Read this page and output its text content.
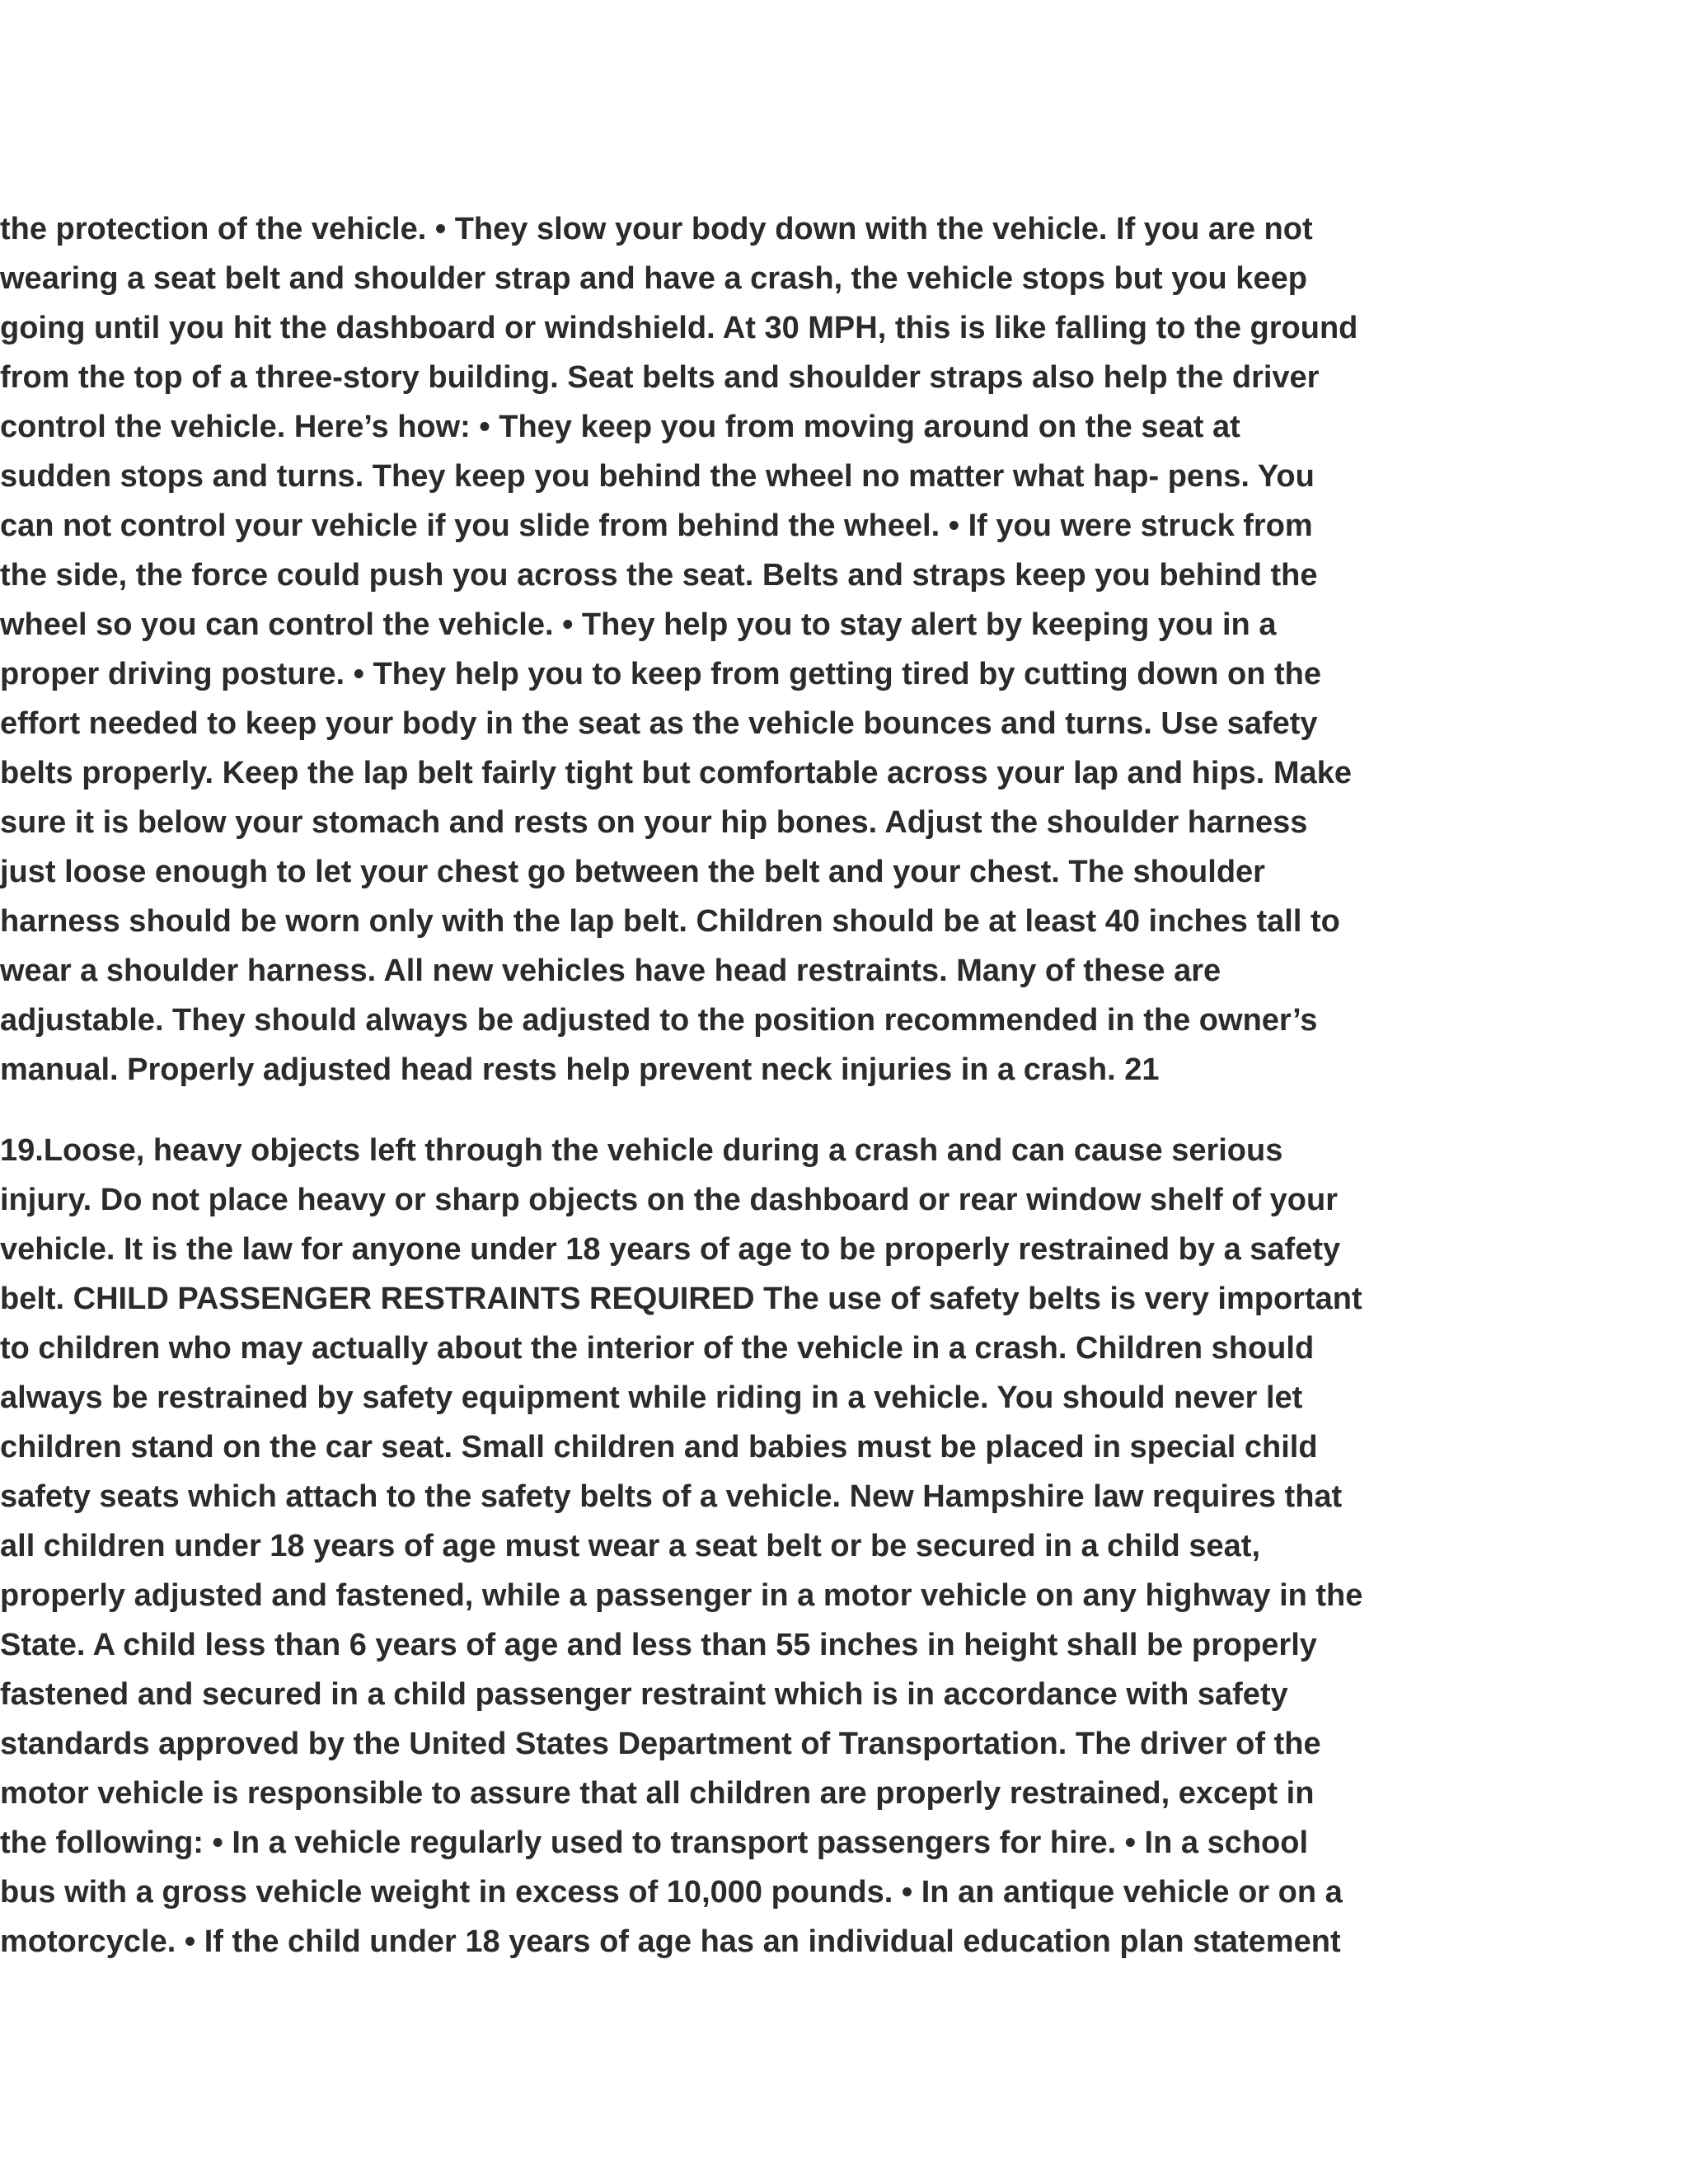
the protection of the vehicle. • They slow your body down with the vehicle. If you are not
wearing a seat belt and shoulder strap and have a crash, the vehicle stops but you keep
going until you hit the dashboard or windshield. At 30 MPH, this is like falling to the ground
from the top of a three-story building. Seat belts and shoulder straps also help the driver
control the vehicle. Here’s how: • They keep you from moving around on the seat at
sudden stops and turns. They keep you behind the wheel no matter what hap- pens. You
can not control your vehicle if you slide from behind the wheel. • If you were struck from
the side, the force could push you across the seat. Belts and straps keep you behind the
wheel so you can control the vehicle. • They help you to stay alert by keeping you in a
proper driving posture. • They help you to keep from getting tired by cutting down on the
effort needed to keep your body in the seat as the vehicle bounces and turns. Use safety
belts properly. Keep the lap belt fairly tight but comfortable across your lap and hips. Make
sure it is below your stomach and rests on your hip bones. Adjust the shoulder harness
just loose enough to let your chest go between the belt and your chest. The shoulder
harness should be worn only with the lap belt. Children should be at least 40 inches tall to
wear a shoulder harness. All new vehicles have head restraints. Many of these are
adjustable. They should always be adjusted to the position recommended in the owner’s
manual. Properly adjusted head rests help prevent neck injuries in a crash. 21
19.Loose, heavy objects left through the vehicle during a crash and can cause serious
injury. Do not place heavy or sharp objects on the dashboard or rear window shelf of your
vehicle. It is the law for anyone under 18 years of age to be properly restrained by a safety
belt. CHILD PASSENGER RESTRAINTS REQUIRED The use of safety belts is very important
to children who may actually about the interior of the vehicle in a crash. Children should
always be restrained by safety equipment while riding in a vehicle. You should never let
children stand on the car seat. Small children and babies must be placed in special child
safety seats which attach to the safety belts of a vehicle. New Hampshire law requires that
all children under 18 years of age must wear a seat belt or be secured in a child seat,
properly adjusted and fastened, while a passenger in a motor vehicle on any highway in the
State. A child less than 6 years of age and less than 55 inches in height shall be properly
fastened and secured in a child passenger restraint which is in accordance with safety
standards approved by the United States Department of Transportation. The driver of the
motor vehicle is responsible to assure that all children are properly restrained, except in
the following: • In a vehicle regularly used to transport passengers for hire. • In a school
bus with a gross vehicle weight in excess of 10,000 pounds. • In an antique vehicle or on a
motorcycle. • If the child under 18 years of age has an individual education plan statement
